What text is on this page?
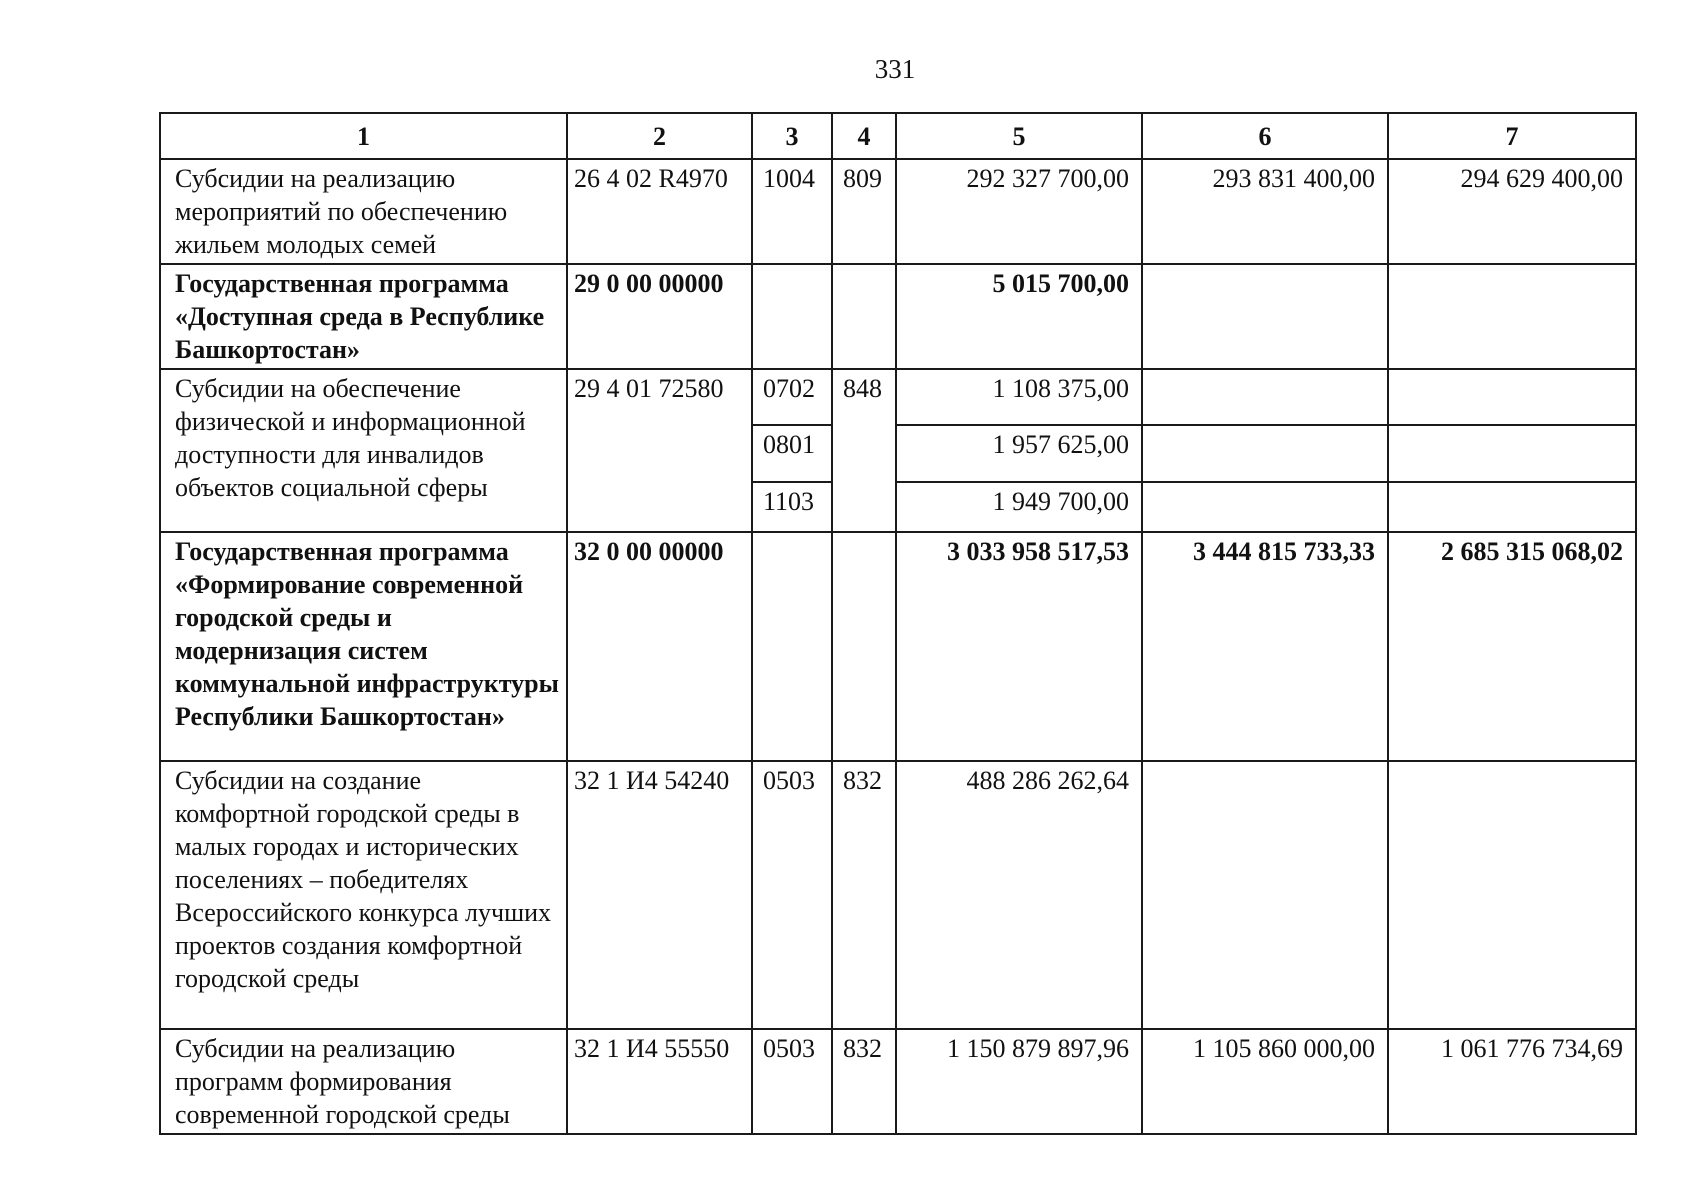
331
1	2	3	4	5	6	7
Субсидии на реализацию мероприятий по обеспечению жильем молодых семей	26 4 02 R4970	1004	809	292 327 700,00	293 831 400,00	294 629 400,00
Государственная программа «Доступная среда в Республике Башкортостан»	29 0 00 00000			5 015 700,00		
Субсидии на обеспечение физической и информационной доступности для инвалидов объектов социальной сферы	29 4 01 72580	0702	848	1 108 375,00		
		0801		1 957 625,00		
		1103		1 949 700,00		
Государственная программа «Формирование современной городской среды и модернизация систем коммунальной инфраструктуры Республики Башкортостан»	32 0 00 00000			3 033 958 517,53	3 444 815 733,33	2 685 315 068,02
Субсидии на создание комфортной городской среды в малых городах и исторических поселениях – победителях Всероссийского конкурса лучших проектов создания комфортной городской среды	32 1 И4 54240	0503	832	488 286 262,64		
Субсидии на реализацию программ формирования современной городской среды	32 1 И4 55550	0503	832	1 150 879 897,96	1 105 860 000,00	1 061 776 734,69
